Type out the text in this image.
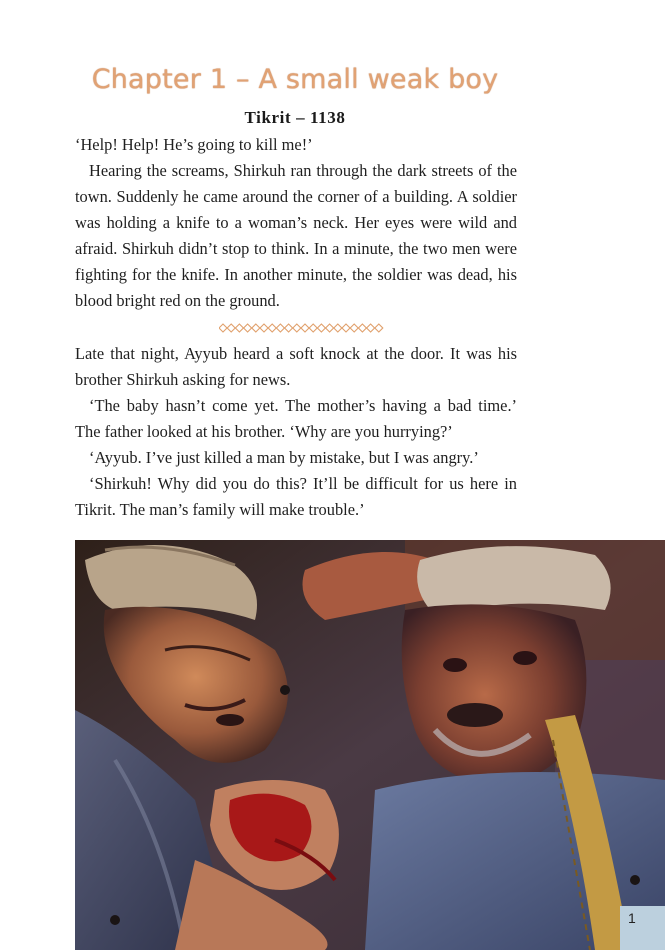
Chapter 1 – A small weak boy
Tikrit – 1138

‘Help! Help! He’s going to kill me!’

Hearing the screams, Shirkuh ran through the dark streets of the town. Suddenly he came around the corner of a building. A soldier was holding a knife to a woman’s neck. Her eyes were wild and afraid. Shirkuh didn’t stop to think. In a minute, the two men were fighting for the knife. In another minute, the soldier was dead, his blood bright red on the ground.

Late that night, Ayyub heard a soft knock at the door. It was his brother Shirkuh asking for news.

‘The baby hasn’t come yet. The mother’s having a bad time.’ The father looked at his brother. ‘Why are you hurrying?’

‘Ayyub. I’ve just killed a man by mistake, but I was angry.’

‘Shirkuh! Why did you do this? It’ll be difficult for us here in Tikrit. The man’s family will make trouble.’

1
